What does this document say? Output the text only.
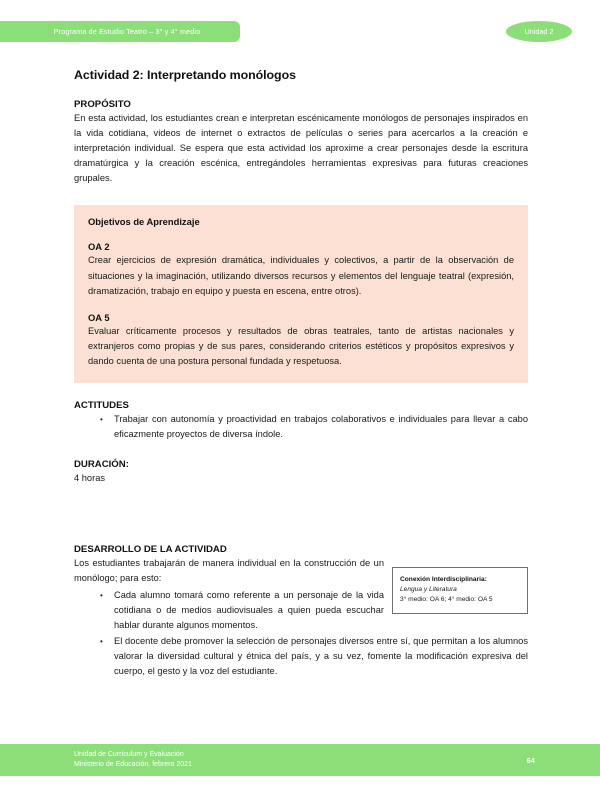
Programa de Estudio Teatro – 3° y 4° medio	Unidad 2
Actividad 2: Interpretando monólogos
PROPÓSITO
En esta actividad, los estudiantes crean e interpretan escénicamente monólogos de personajes inspirados en la vida cotidiana, videos de internet o extractos de películas o series para acercarlos a la creación e interpretación individual. Se espera que esta actividad los aproxime a crear personajes desde la escritura dramatúrgica y la creación escénica, entregándoles herramientas expresivas para futuras creaciones grupales.
Objetivos de Aprendizaje
OA 2
Crear ejercicios de expresión dramática, individuales y colectivos, a partir de la observación de situaciones y la imaginación, utilizando diversos recursos y elementos del lenguaje teatral (expresión, dramatización, trabajo en equipo y puesta en escena, entre otros).
OA 5
Evaluar críticamente procesos y resultados de obras teatrales, tanto de artistas nacionales y extranjeros como propias y de sus pares, considerando criterios estéticos y propósitos expresivos y dando cuenta de una postura personal fundada y respetuosa.
ACTITUDES
• Trabajar con autonomía y proactividad en trabajos colaborativos e individuales para llevar a cabo eficazmente proyectos de diversa índole.
DURACIÓN:
4 horas
DESARROLLO DE LA ACTIVIDAD
Los estudiantes trabajarán de manera individual en la construcción de un monólogo; para esto:
• Cada alumno tomará como referente a un personaje de la vida cotidiana o de medios audiovisuales a quien pueda escuchar hablar durante algunos momentos.
• El docente debe promover la selección de personajes diversos entre sí, que permitan a los alumnos valorar la diversidad cultural y étnica del país, y a su vez, fomente la modificación expresiva del cuerpo, el gesto y la voz del estudiante.
Conexión Interdisciplinaria:
Lengua y Literatura
3° medio: OA 6; 4° medio: OA 5
Unidad de Currículum y Evaluación
Ministerio de Educación, febrero 2021	64
